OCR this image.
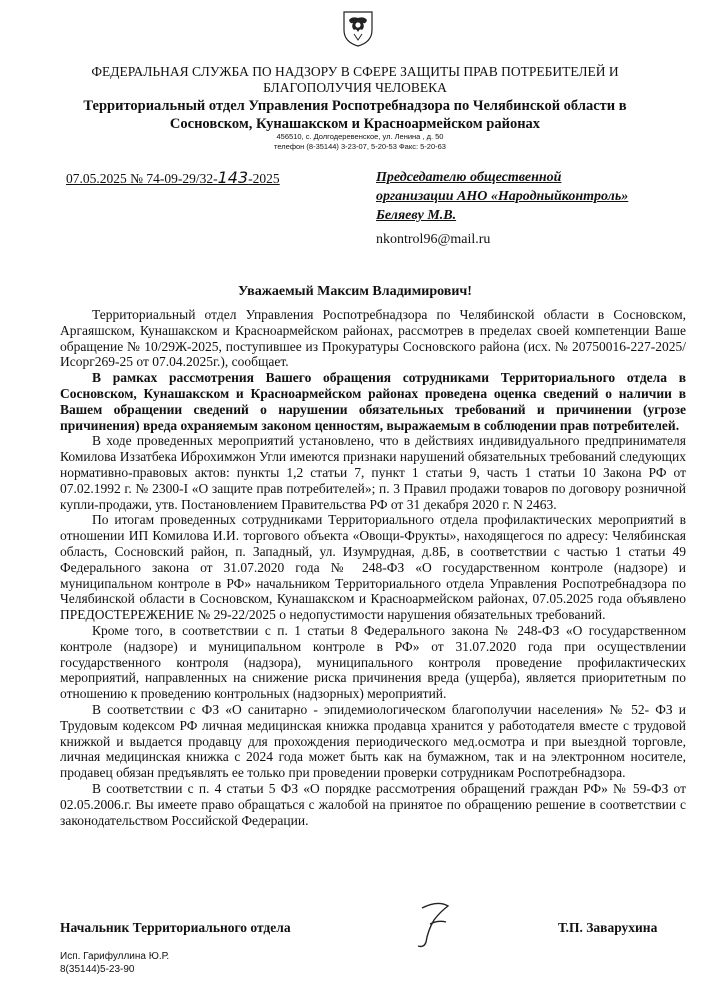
ФЕДЕРАЛЬНАЯ СЛУЖБА ПО НАДЗОРУ В СФЕРЕ ЗАЩИТЫ ПРАВ ПОТРЕБИТЕЛЕЙ И
БЛАГОПОЛУЧИЯ ЧЕЛОВЕКА
Территориальный отдел Управления Роспотребнадзора по Челябинской области в
Сосновском, Кунашакском и Красноармейском районах
456510, с. Долгодеревенское, ул. Ленина , д. 50
телефон (8-35144) 3-23-07, 5-20-53 Факс: 5-20-63
07.05.2025 № 74-09-29/32-143-2025	Председателю общественной
организации АНО «Народныйконтроль»
Беляеву М.В.
nkontrol96@mail.ru
Уважаемый Максим Владимирович!

Территориальный отдел Управления Роспотребнадзора по Челябинской области в Сосновском, Аргаяшском, Кунашакском и Красноармейском районах, рассмотрев в пределах своей компетенции Ваше обращение № 10/29Ж-2025, поступившее из Прокуратуры Сосновского района (исх. № 20750016-227-2025/Исорг269-25 от 07.04.2025г.), сообщает.

В рамках рассмотрения Вашего обращения сотрудниками Территориального отдела в Сосновском, Кунашакском и Красноармейском районах проведена оценка сведений о наличии в Вашем обращении сведений о нарушении обязательных требований и причинении (угрозе причинения) вреда охраняемым законом ценностям, выражаемым в соблюдении прав потребителей.

В ходе проведенных мероприятий установлено, что в действиях индивидуального предпринимателя Комилова Иззатбека Иброхимжон Угли имеются признаки нарушений обязательных требований следующих нормативно-правовых актов: пункты 1,2 статьи 7, пункт 1 статьи 9, часть 1 статьи 10 Закона РФ от 07.02.1992 г. № 2300-I «О защите прав потребителей»; п. 3 Правил продажи товаров по договору розничной купли-продажи, утв. Постановлением Правительства РФ от 31 декабря 2020 г. N 2463.

По итогам проведенных сотрудниками Территориального отдела профилактических мероприятий в отношении ИП Комилова И.И. торгового объекта «Овощи-Фрукты», находящегося по адресу: Челябинская область, Сосновский район, п. Западный, ул. Изумрудная, д.8Б, в соответствии с частью 1 статьи 49 Федерального закона от 31.07.2020 года № 248-ФЗ «О государственном контроле (надзоре) и муниципальном контроле в РФ» начальником Территориального отдела Управления Роспотребнадзора по Челябинской области в Сосновском, Кунашакском и Красноармейском районах, 07.05.2025 года объявлено ПРЕДОСТЕРЕЖЕНИЕ № 29-22/2025 о недопустимости нарушения обязательных требований.

Кроме того, в соответствии с п. 1 статьи 8 Федерального закона № 248-ФЗ «О государственном контроле (надзоре) и муниципальном контроле в РФ» от 31.07.2020 года при осуществлении государственного контроля (надзора), муниципального контроля проведение профилактических мероприятий, направленных на снижение риска причинения вреда (ущерба), является приоритетным по отношению к проведению контрольных (надзорных) мероприятий.

В соответствии с ФЗ «О санитарно - эпидемиологическом благополучии населения» № 52- ФЗ и Трудовым кодексом РФ личная медицинская книжка продавца хранится у работодателя вместе с трудовой книжкой и выдается продавцу для прохождения периодического мед.осмотра и при выездной торговле, личная медицинская книжка с 2024 года может быть как на бумажном, так и на электронном носителе, продавец обязан предъявлять ее только при проведении проверки сотрудникам Роспотребнадзора.

В соответствии с п. 4 статьи 5 ФЗ «О порядке рассмотрения обращений граждан РФ» № 59-ФЗ от 02.05.2006.г. Вы имеете право обращаться с жалобой на принятое по обращению решение в соответствии с законодательством Российской Федерации.

Начальник Территориального отдела	Т.П. Заварухина
Исп. Гарифуллина Ю.Р.
8(35144)5-23-90
